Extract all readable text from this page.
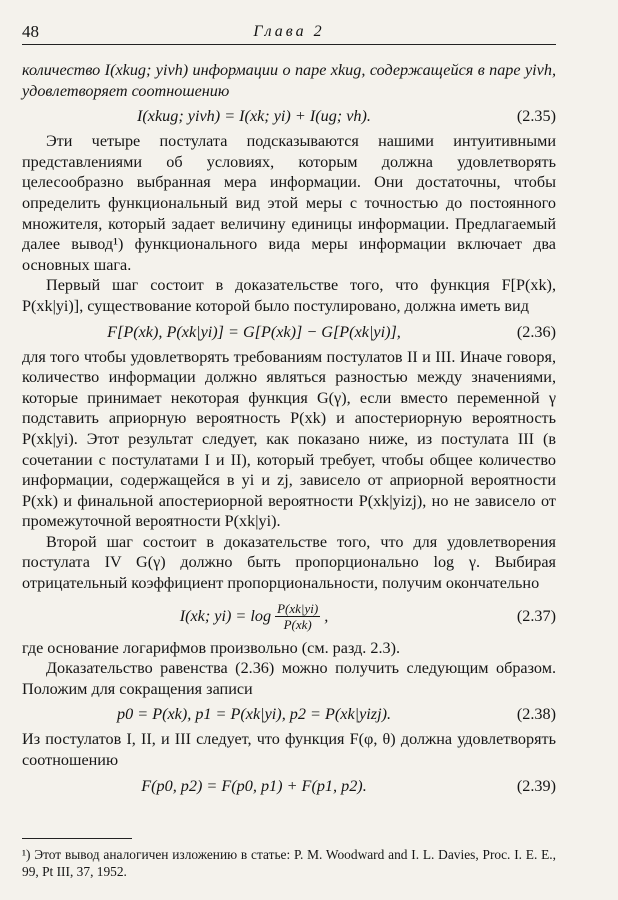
48	Глава 2

количество I(xkug; yivh) информации о паре xkug, содержащейся в паре yivh, удовлетворяет соотношению

I(xkug; yivh) = I(xk; yi) + I(ug; vh).	(2.35)

Эти четыре постулата подсказываются нашими интуитивными представлениями об условиях, которым должна удовлетворять целесообразно выбранная мера информации. Они достаточны, чтобы определить функциональный вид этой меры с точностью до постоянного множителя, который задает величину единицы информации. Предлагаемый далее вывод¹) функционального вида меры информации включает два основных шага.

Первый шаг состоит в доказательстве того, что функция F[P(xk), P(xk|yi)], существование которой было постулировано, должна иметь вид

F[P(xk), P(xk|yi)] = G[P(xk)] − G[P(xk|yi)],	(2.36)

для того чтобы удовлетворять требованиям постулатов II и III. Иначе говоря, количество информации должно являться разностью между значениями, которые принимает некоторая функция G(γ), если вместо переменной γ подставить априорную вероятность P(xk) и апостериорную вероятность P(xk|yi). Этот результат следует, как показано ниже, из постулата III (в сочетании с постулатами I и II), который требует, чтобы общее количество информации, содержащейся в yi и zj, зависело от априорной вероятности P(xk) и финальной апостериорной вероятности P(xk|yizj), но не зависело от промежуточной вероятности P(xk|yi).

Второй шаг состоит в доказательстве того, что для удовлетворения постулата IV G(γ) должно быть пропорционально log γ. Выбирая отрицательный коэффициент пропорциональности, получим окончательно

I(xk; $yi) = \log \frac{P(xk|yi)}{P(xk)}$ ,	(2.37)

где основание логарифмов произвольно (см. разд. 2.3).

Доказательство равенства (2.36) можно получить следующим образом. Положим для сокращения записи

p0 = P(xk), p1 = P(xk|yi), p2 = P(xk|yizj).	(2.38)

Из постулатов I, II, и III следует, что функция F(φ, θ) должна удовлетворять соотношению

F(p0, p2) = F(p0, p1) + F(p1, p2).	(2.39)
¹) Этот вывод аналогичен изложению в статье: P. M. Woodward and I. L. Davies, Proc. I. E. E., 99, Pt III, 37, 1952.
